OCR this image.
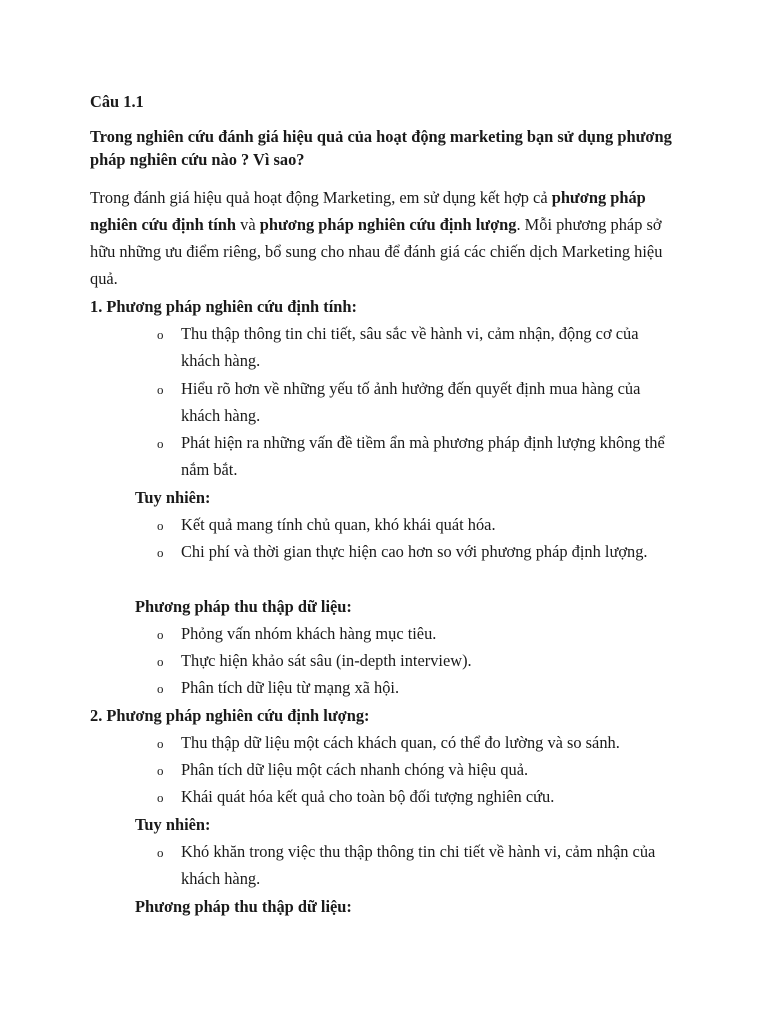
Câu 1.1

Trong nghiên cứu đánh giá hiệu quả của hoạt động marketing bạn sử dụng phương pháp nghiên cứu nào ? Vì sao?

Trong đánh giá hiệu quả hoạt động Marketing, em sử dụng kết hợp cả phương pháp nghiên cứu định tính và phương pháp nghiên cứu định lượng. Mỗi phương pháp sở hữu những ưu điểm riêng, bổ sung cho nhau để đánh giá các chiến dịch Marketing hiệu quả.

1. Phương pháp nghiên cứu định tính:

o Thu thập thông tin chi tiết, sâu sắc về hành vi, cảm nhận, động cơ của khách hàng.

o Hiểu rõ hơn về những yếu tố ảnh hưởng đến quyết định mua hàng của khách hàng.

o Phát hiện ra những vấn đề tiềm ẩn mà phương pháp định lượng không thể nắm bắt.

Tuy nhiên:

o Kết quả mang tính chủ quan, khó khái quát hóa.

o Chi phí và thời gian thực hiện cao hơn so với phương pháp định lượng.

Phương pháp thu thập dữ liệu:

o Phỏng vấn nhóm khách hàng mục tiêu.

o Thực hiện khảo sát sâu (in-depth interview).

o Phân tích dữ liệu từ mạng xã hội.

2. Phương pháp nghiên cứu định lượng:

o Thu thập dữ liệu một cách khách quan, có thể đo lường và so sánh.

o Phân tích dữ liệu một cách nhanh chóng và hiệu quả.

o Khái quát hóa kết quả cho toàn bộ đối tượng nghiên cứu.

Tuy nhiên:

o Khó khăn trong việc thu thập thông tin chi tiết về hành vi, cảm nhận của khách hàng.

Phương pháp thu thập dữ liệu:
